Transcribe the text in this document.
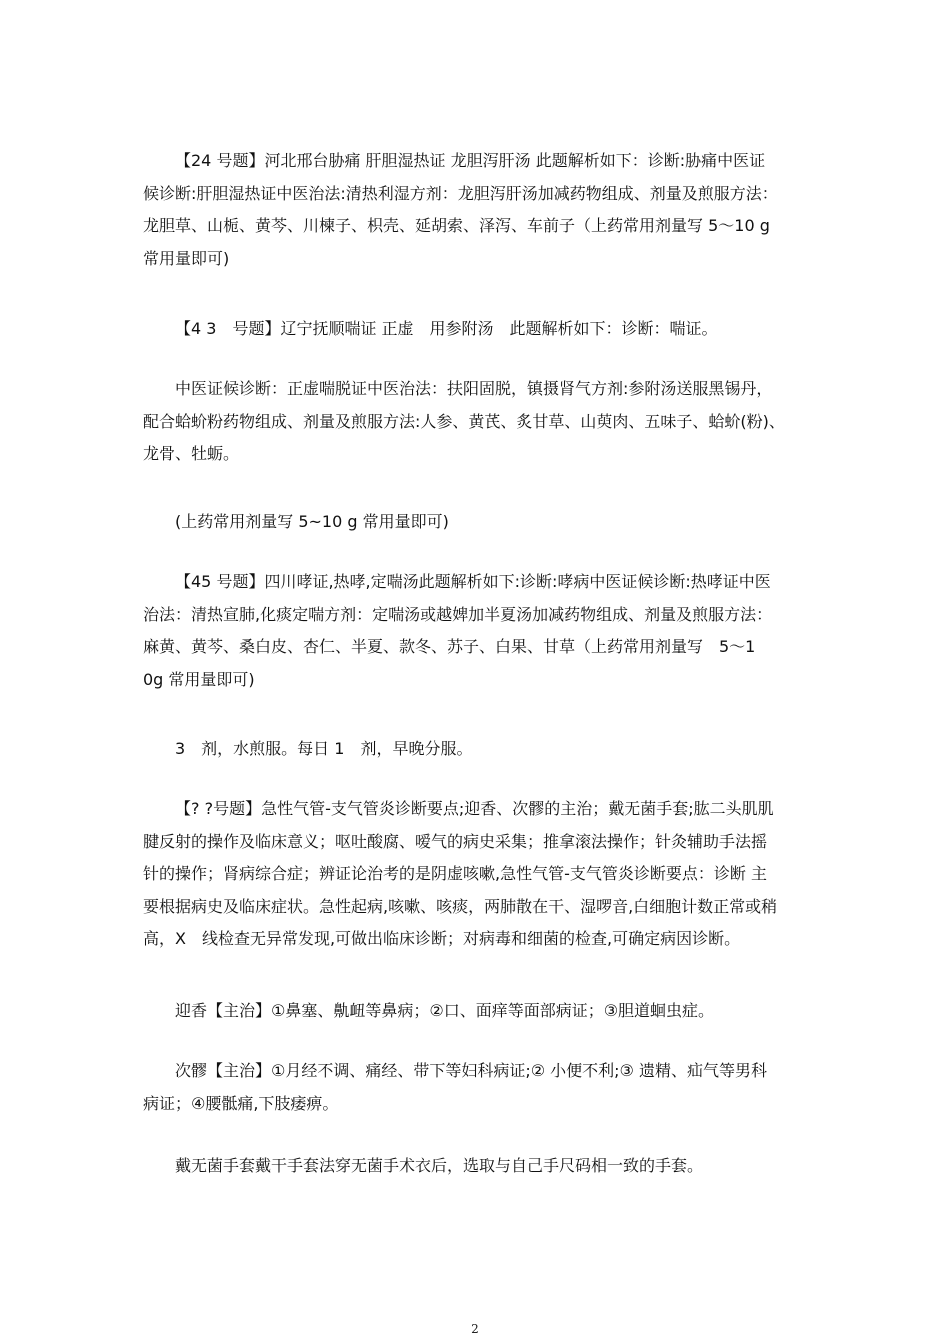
【24 号题】河北邢台胁痛 肝胆湿热证 龙胆泻肝汤 此题解析如下：诊断:胁痛中医证
候诊断:肝胆湿热证中医治法:清热利湿方剂：龙胆泻肝汤加减药物组成、剂量及煎服方法：
龙胆草、山栀、黄芩、川楝子、枳壳、延胡索、泽泻、车前子（上药常用剂量写 5～10 g
常用量即可)

【4 3　号题】辽宁抚顺喘证 正虚　用参附汤　此题解析如下：诊断：喘证。

中医证候诊断：正虚喘脱证中医治法：扶阳固脱，镇摄肾气方剂:参附汤送服黑锡丹，
配合蛤蚧粉药物组成、剂量及煎服方法:人参、黄芪、炙甘草、山萸肉、五味子、蛤蚧(粉)、
龙骨、牡蛎。

(上药常用剂量写 5~10 g 常用量即可)

【45 号题】四川哮证,热哮,定喘汤此题解析如下:诊断:哮病中医证候诊断:热哮证中医
治法：清热宣肺,化痰定喘方剂：定喘汤或越婢加半夏汤加减药物组成、剂量及煎服方法：
麻黄、黄芩、桑白皮、杏仁、半夏、款冬、苏子、白果、甘草（上药常用剂量写　5～1
0g 常用量即可)

3　剂，水煎服。每日 1　剂，早晚分服。

【? ?号题】急性气管-支气管炎诊断要点;迎香、次髎的主治；戴无菌手套;肱二头肌肌
腱反射的操作及临床意义；呕吐酸腐、嗳气的病史采集；推拿滚法操作；针灸辅助手法摇
针的操作；肾病综合症；辨证论治考的是阴虚咳嗽,急性气管-支气管炎诊断要点：诊断 主
要根据病史及临床症状。急性起病,咳嗽、咳痰，两肺散在干、湿啰音,白细胞计数正常或稍
高，X　线检查无异常发现,可做出临床诊断；对病毒和细菌的检查,可确定病因诊断。

迎香【主治】①鼻塞、鼽衄等鼻病；②口、面痒等面部病证；③胆道蛔虫症。

次髎【主治】①月经不调、痛经、带下等妇科病证;② 小便不利;③ 遗精、疝气等男科
病证；④腰骶痛,下肢痿痹。

戴无菌手套戴干手套法穿无菌手术衣后，选取与自己手尺码相一致的手套。

2
